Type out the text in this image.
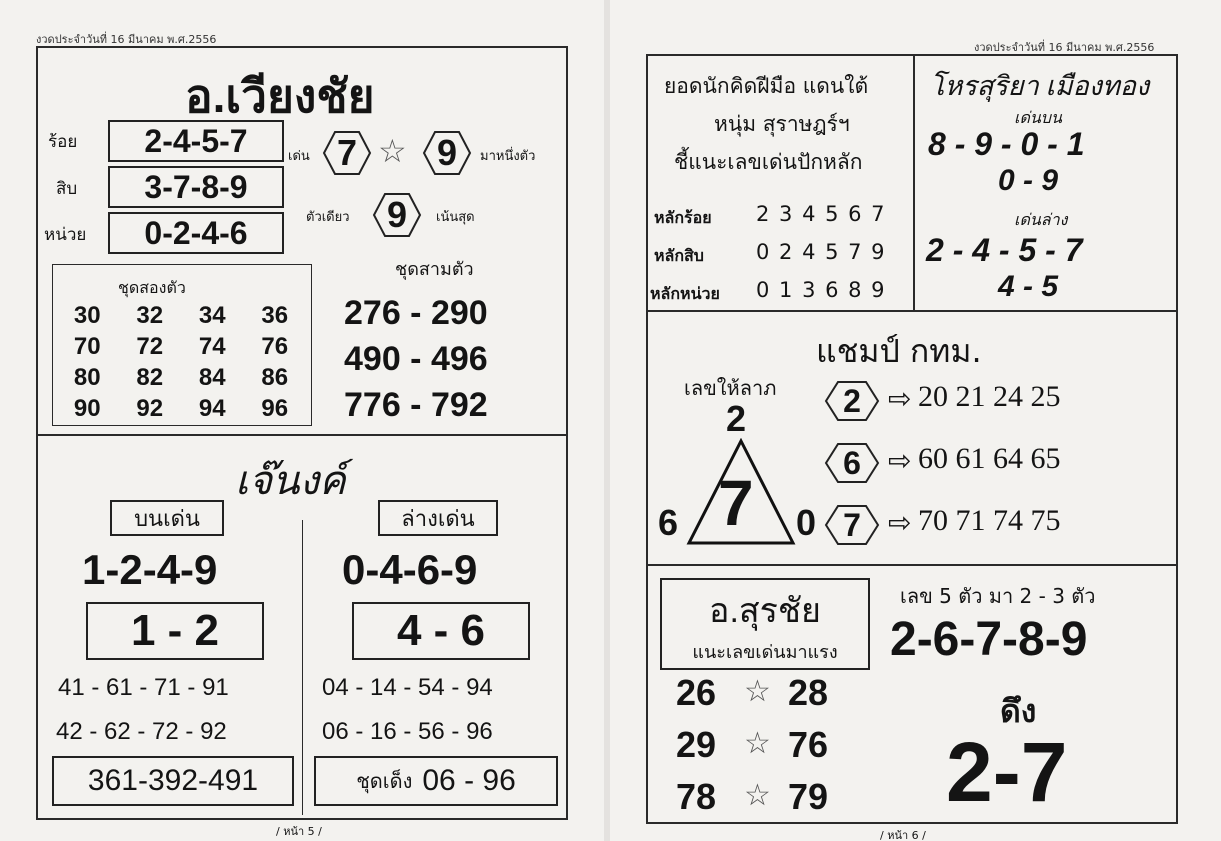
งวดประจำวันที่ 16 มีนาคม พ.ศ.2556
อ.เวียงชัย
ร้อย	2-4-5-7
สิบ	3-7-8-9
หน่วย	0-2-4-6
เด่น 7 ☆ 9 มาหนึ่งตัว
ตัวเดียว 9 เน้นสุด
ชุดสองตัว
30	32	34	36
70	72	74	76
80	82	84	86
90	92	94	96
ชุดสามตัว
276 - 290
490 - 496
776 - 792
เจ๊นงค์
บนเด่น
1-2-4-9
1 - 2
41 - 61 - 71 - 91
42 - 62 - 72 - 92
361-392-491
ล่างเด่น
0-4-6-9
4 - 6
04 - 14 - 54 - 94
06 - 16 - 56 - 96
ชุดเด็ง 06 - 96
/ หน้า 5 /
งวดประจำวันที่ 16 มีนาคม พ.ศ.2556
ยอดนักคิดฝีมือ แดนใต้
หนุ่ม สุราษฎร์ฯ
ชี้แนะเลขเด่นปักหลัก
หลักร้อย 2 3 4 5 6 7
หลักสิบ 0 2 4 5 7 9
หลักหน่วย 0 1 3 6 8 9
โหรสุริยา เมืองทอง
เด่นบน
8 - 9 - 0 - 1
0 - 9
เด่นล่าง
2 - 4 - 5 - 7
4 - 5
แชมป์ กทม.
เลขให้ลาภ
2
7
6	0
2 ⇨ 20 21 24 25
6 ⇨ 60 61 64 65
7 ⇨ 70 71 74 75
อ.สุรชัย
แนะเลขเด่นมาแรง
26 ☆ 28
29 ☆ 76
78 ☆ 79
เลข 5 ตัว มา 2 - 3 ตัว
2-6-7-8-9
ดึง
2-7
/ หน้า 6 /
